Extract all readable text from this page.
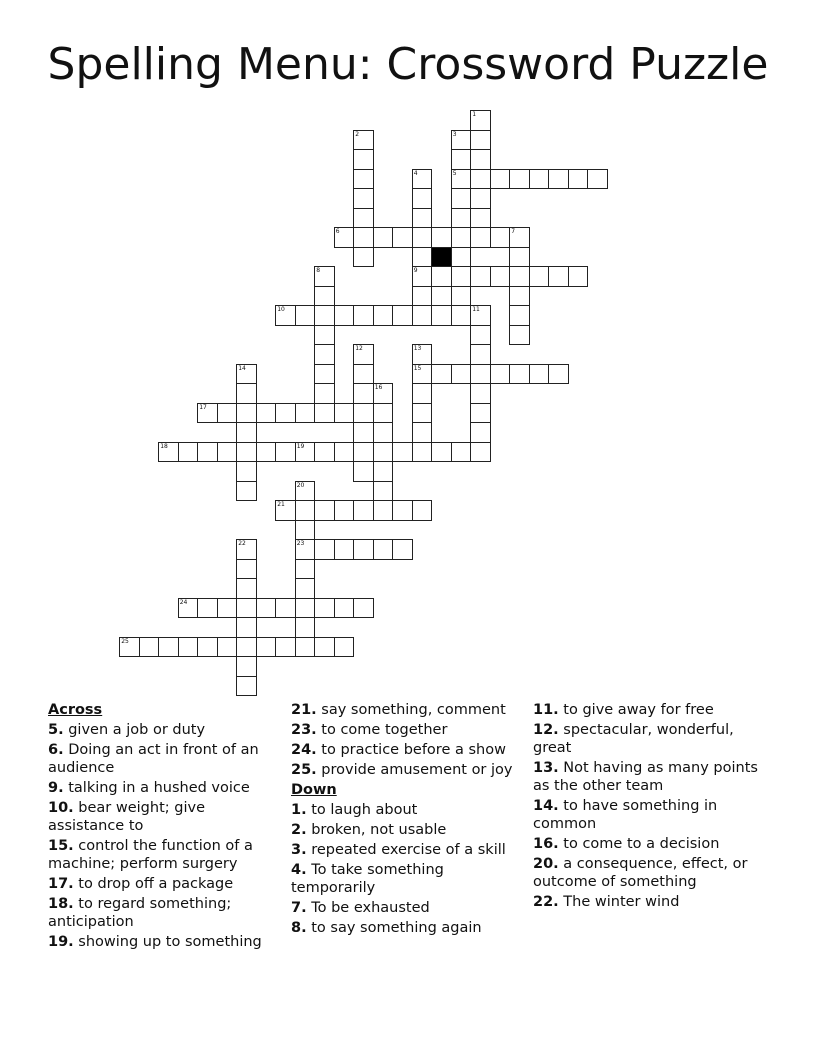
Spelling Menu: Crossword Puzzle
1
2	3
5
4
9
6	7
8
10	11
12	13
15
14
16
17
18	19
20
23
21
22
24
25
Across
5. given a job or duty
6. Doing an act in front of an audience
9. talking in a hushed voice
10. bear weight; give assistance to
15. control the function of a machine; perform surgery
17. to drop off a package
18. to regard something; anticipation
19. showing up to something
21. say something, comment
23. to come together
24. to practice before a show
25. provide amusement or joy
Down
1. to laugh about
2. broken, not usable
3. repeated exercise of a skill
4. To take something temporarily
7. To be exhausted
8. to say something again
11. to give away for free
12. spectacular, wonderful, great
13. Not having as many points as the other team
14. to have something in common
16. to come to a decision
20. a consequence, effect, or outcome of something
22. The winter wind
